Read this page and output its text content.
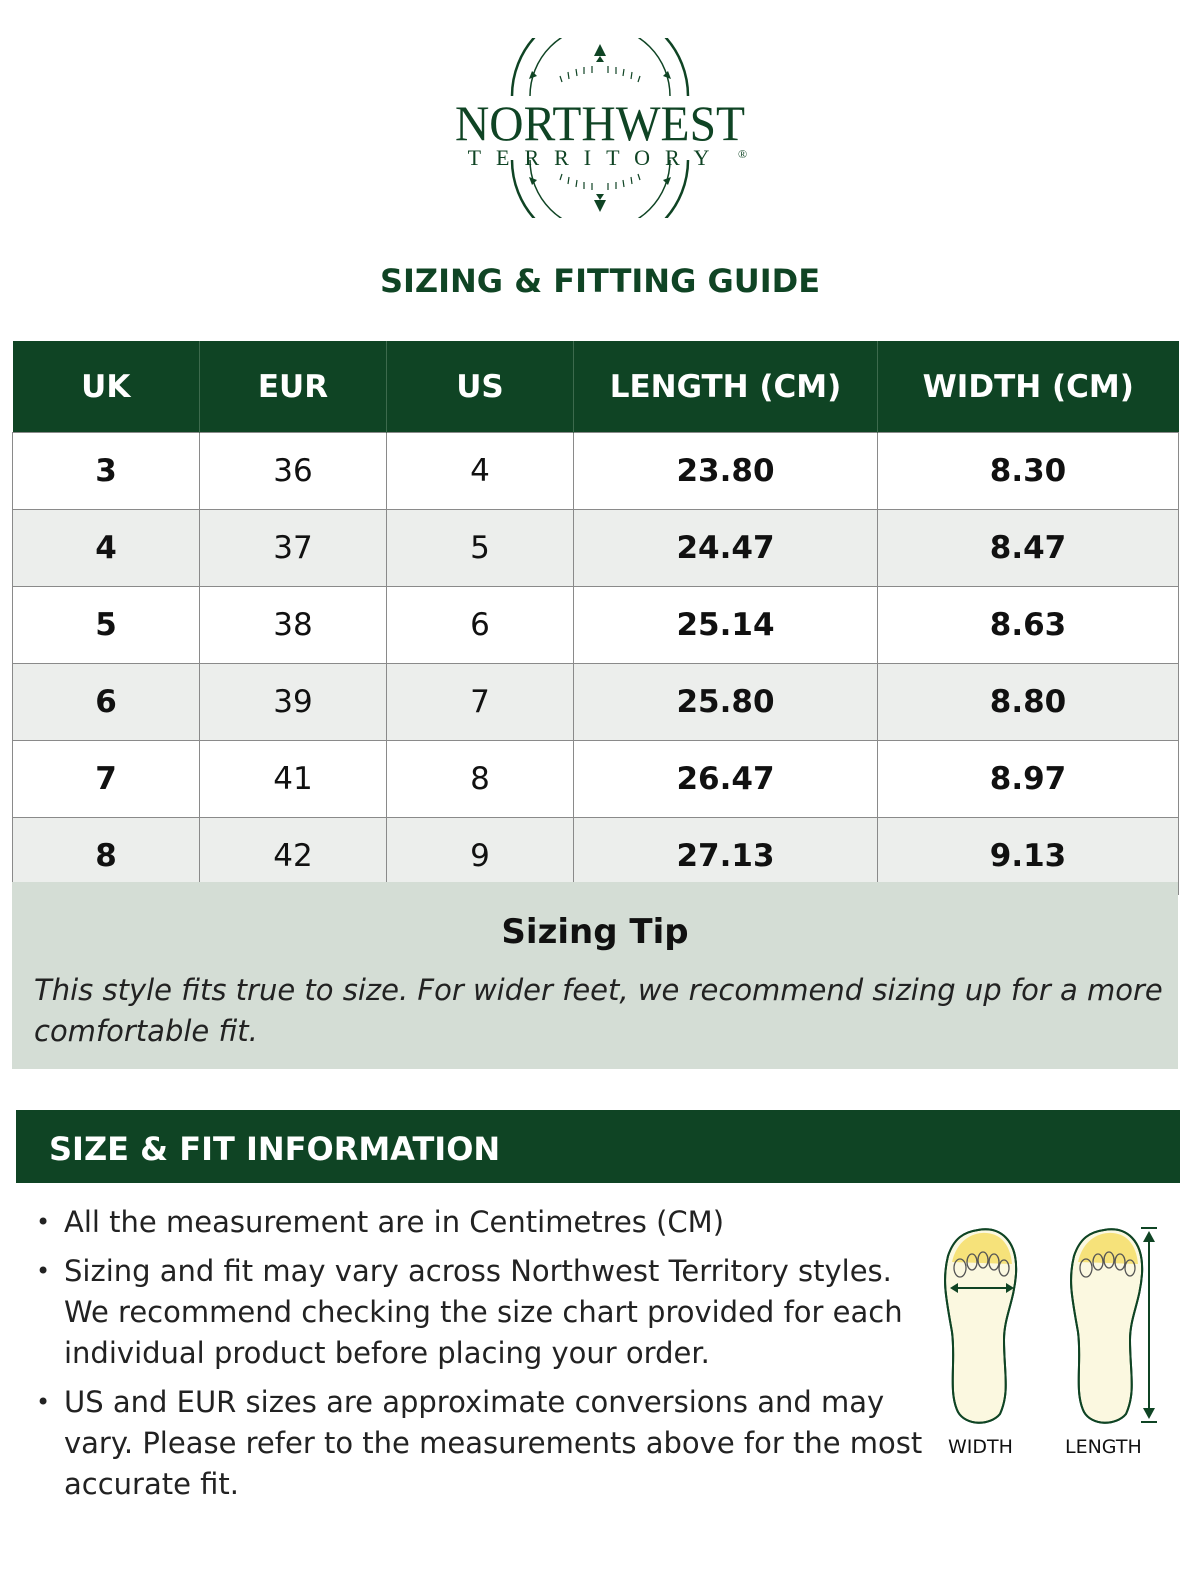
NORTHWEST
TERRITORY ®
SIZING & FITTING GUIDE
UK	EUR	US	LENGTH (CM)	WIDTH (CM)
3	36	4	23.80	8.30
4	37	5	24.47	8.47
5	38	6	25.14	8.63
6	39	7	25.80	8.80
7	41	8	26.47	8.97
8	42	9	27.13	9.13
Sizing Tip
This style fits true to size. For wider feet, we recommend sizing up for a more comfortable fit.
SIZE & FIT INFORMATION
• All the measurement are in Centimetres (CM)
• Sizing and fit may vary across Northwest Territory styles. We recommend checking the size chart provided for each individual product before placing your order.
• US and EUR sizes are approximate conversions and may vary. Please refer to the measurements above for the most accurate fit.
WIDTH	LENGTH
